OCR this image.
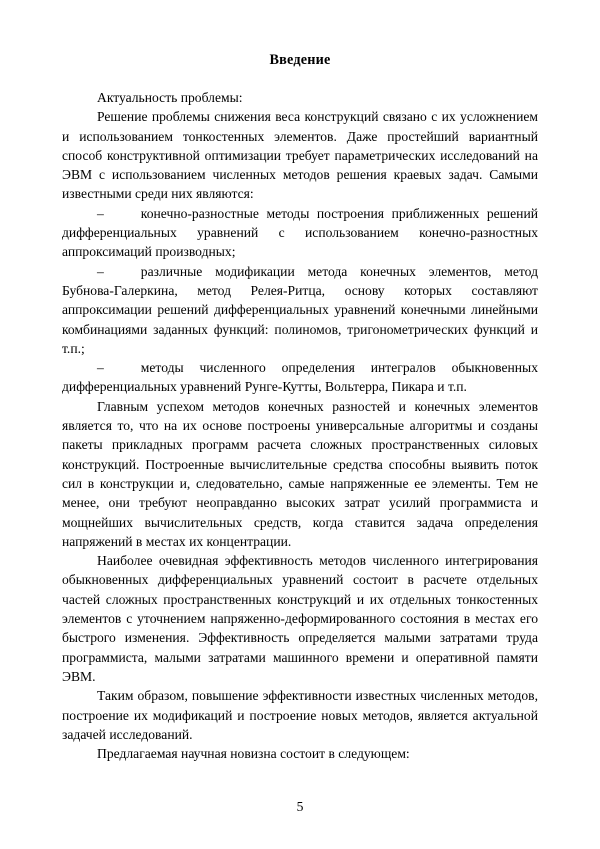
Введение

Актуальность проблемы:

Решение проблемы снижения веса конструкций связано с их усложнением и использованием тонкостенных элементов. Даже простейший вариантный способ конструктивной оптимизации требует параметрических исследований на ЭВМ с использованием численных методов решения краевых задач. Самыми известными среди них являются:

–	конечно-разностные методы построения приближенных решений дифференциальных уравнений с использованием конечно-разностных аппроксимаций производных;

–	различные модификации метода конечных элементов, метод Бубнова-Галеркина, метод Релея-Ритца, основу которых составляют аппроксимации решений дифференциальных уравнений конечными линейными комбинациями заданных функций: полиномов, тригонометрических функций и т.п.;

–	методы численного определения интегралов обыкновенных дифференциальных уравнений Рунге-Кутты, Вольтерра, Пикара и т.п.

Главным успехом методов конечных разностей и конечных элементов является то, что на их основе построены универсальные алгоритмы и созданы пакеты прикладных программ расчета сложных пространственных силовых конструкций. Построенные вычислительные средства способны выявить поток сил в конструкции и, следовательно, самые напряженные ее элементы. Тем не менее, они требуют неоправданно высоких затрат усилий программиста и мощнейших вычислительных средств, когда ставится задача определения напряжений в местах их концентрации.

Наиболее очевидная эффективность методов численного интегрирования обыкновенных дифференциальных уравнений состоит в расчете отдельных частей сложных пространственных конструкций и их отдельных тонкостенных элементов с уточнением напряженно-деформированного состояния в местах его быстрого изменения. Эффективность определяется малыми затратами труда программиста, малыми затратами машинного времени и оперативной памяти ЭВМ.

Таким образом, повышение эффективности известных численных методов, построение их модификаций и построение новых методов, является актуальной задачей исследований.

Предлагаемая научная новизна состоит в следующем:

5
